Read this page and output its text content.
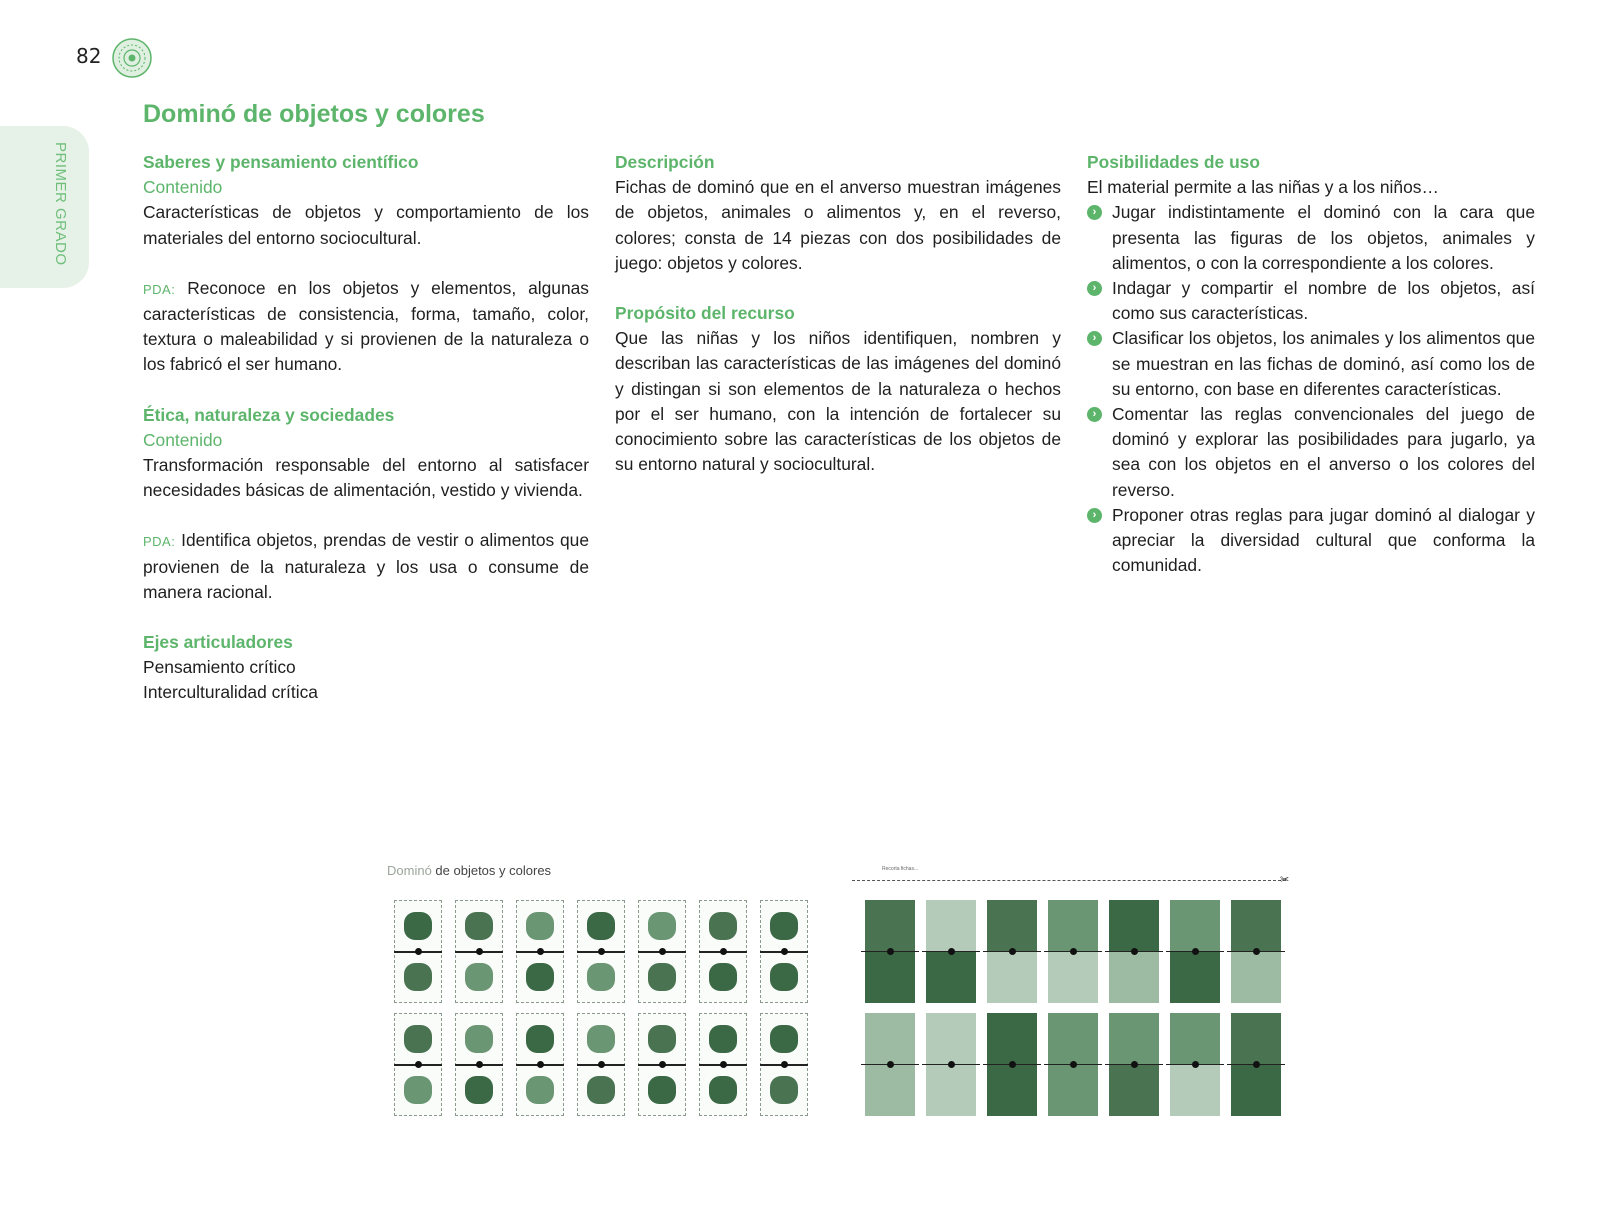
82
PRIMER GRADO
Dominó de objetos y colores

Saberes y pensamiento científico

Contenido

Características de objetos y comportamiento de los materiales del entorno sociocultural.

PDA: Reconoce en los objetos y elementos, algunas características de consistencia, forma, tamaño, color, textura o maleabilidad y si provienen de la naturaleza o los fabricó el ser humano.

Ética, naturaleza y sociedades

Contenido

Transformación responsable del entorno al satisfacer necesidades básicas de alimentación, vestido y vivienda.

PDA: Identifica objetos, prendas de vestir o alimentos que provienen de la naturaleza y los usa o consume de manera racional.

Ejes articuladores

Pensamiento crítico

Interculturalidad crítica

Descripción

Fichas de dominó que en el anverso muestran imágenes de objetos, animales o alimentos y, en el reverso, colores; consta de 14 piezas con dos posibilidades de juego: objetos y colores.

Propósito del recurso

Que las niñas y los niños identifiquen, nombren y describan las características de las imágenes del dominó y distingan si son elementos de la naturaleza o hechos por el ser humano, con la intención de fortalecer su conocimiento sobre las características de los objetos de su entorno natural y sociocultural.

Posibilidades de uso

El material permite a las niñas y a los niños…

› Jugar indistintamente el dominó con la cara que presenta las figuras de los objetos, animales y alimentos, o con la correspondiente a los colores.
› Indagar y compartir el nombre de los objetos, así como sus características.
› Clasificar los objetos, los animales y los alimentos que se muestran en las fichas de dominó, así como los de su entorno, con base en diferentes características.
› Comentar las reglas convencionales del juego de dominó y explorar las posibilidades para jugarlo, ya sea con los objetos en el anverso o los colores del reverso.
› Proponer otras reglas para jugar dominó al dialogar y apreciar la diversidad cultural que conforma la comunidad.
Dominó de objetos y colores	Recorta fichas...
✂
